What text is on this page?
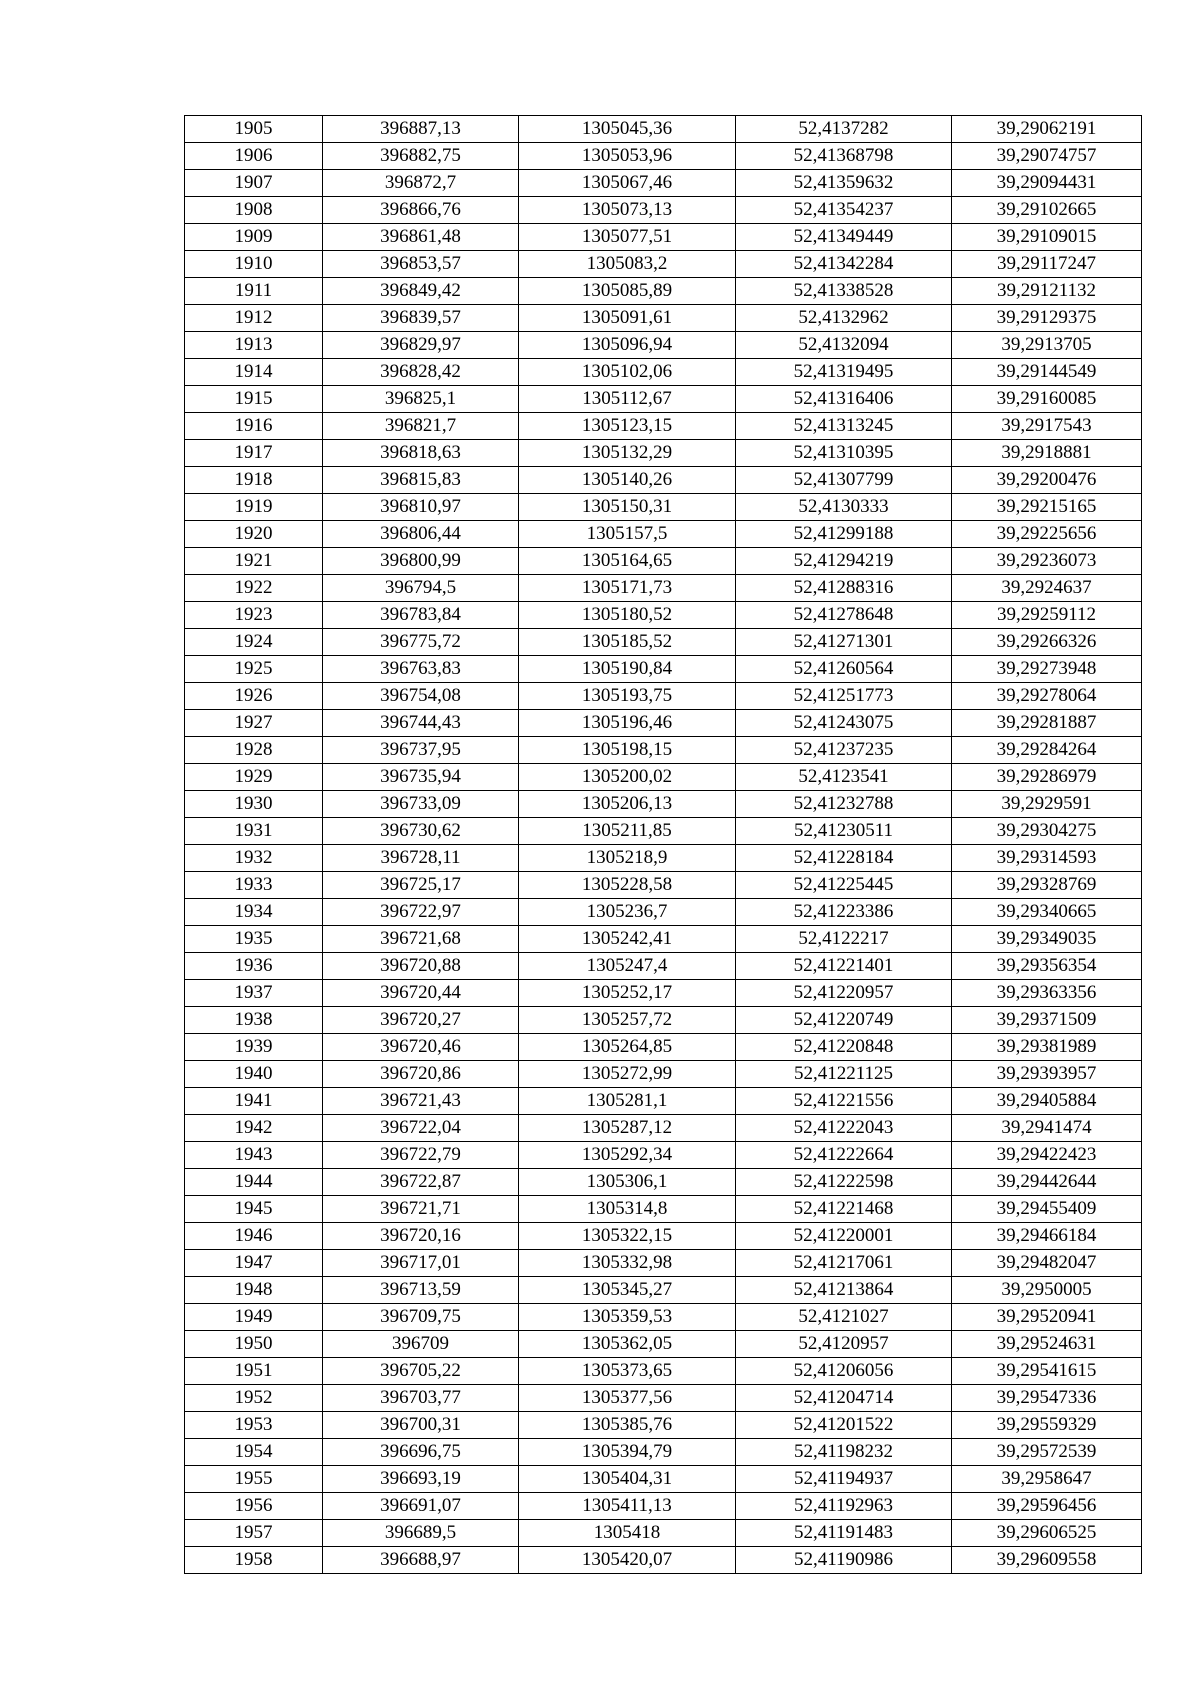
1905	396887,13	1305045,36	52,4137282	39,29062191
1906	396882,75	1305053,96	52,41368798	39,29074757
1907	396872,7	1305067,46	52,41359632	39,29094431
1908	396866,76	1305073,13	52,41354237	39,29102665
1909	396861,48	1305077,51	52,41349449	39,29109015
1910	396853,57	1305083,2	52,41342284	39,29117247
1911	396849,42	1305085,89	52,41338528	39,29121132
1912	396839,57	1305091,61	52,4132962	39,29129375
1913	396829,97	1305096,94	52,4132094	39,2913705
1914	396828,42	1305102,06	52,41319495	39,29144549
1915	396825,1	1305112,67	52,41316406	39,29160085
1916	396821,7	1305123,15	52,41313245	39,2917543
1917	396818,63	1305132,29	52,41310395	39,2918881
1918	396815,83	1305140,26	52,41307799	39,29200476
1919	396810,97	1305150,31	52,4130333	39,29215165
1920	396806,44	1305157,5	52,41299188	39,29225656
1921	396800,99	1305164,65	52,41294219	39,29236073
1922	396794,5	1305171,73	52,41288316	39,2924637
1923	396783,84	1305180,52	52,41278648	39,29259112
1924	396775,72	1305185,52	52,41271301	39,29266326
1925	396763,83	1305190,84	52,41260564	39,29273948
1926	396754,08	1305193,75	52,41251773	39,29278064
1927	396744,43	1305196,46	52,41243075	39,29281887
1928	396737,95	1305198,15	52,41237235	39,29284264
1929	396735,94	1305200,02	52,4123541	39,29286979
1930	396733,09	1305206,13	52,41232788	39,2929591
1931	396730,62	1305211,85	52,41230511	39,29304275
1932	396728,11	1305218,9	52,41228184	39,29314593
1933	396725,17	1305228,58	52,41225445	39,29328769
1934	396722,97	1305236,7	52,41223386	39,29340665
1935	396721,68	1305242,41	52,4122217	39,29349035
1936	396720,88	1305247,4	52,41221401	39,29356354
1937	396720,44	1305252,17	52,41220957	39,29363356
1938	396720,27	1305257,72	52,41220749	39,29371509
1939	396720,46	1305264,85	52,41220848	39,29381989
1940	396720,86	1305272,99	52,41221125	39,29393957
1941	396721,43	1305281,1	52,41221556	39,29405884
1942	396722,04	1305287,12	52,41222043	39,2941474
1943	396722,79	1305292,34	52,41222664	39,29422423
1944	396722,87	1305306,1	52,41222598	39,29442644
1945	396721,71	1305314,8	52,41221468	39,29455409
1946	396720,16	1305322,15	52,41220001	39,29466184
1947	396717,01	1305332,98	52,41217061	39,29482047
1948	396713,59	1305345,27	52,41213864	39,2950005
1949	396709,75	1305359,53	52,4121027	39,29520941
1950	396709	1305362,05	52,4120957	39,29524631
1951	396705,22	1305373,65	52,41206056	39,29541615
1952	396703,77	1305377,56	52,41204714	39,29547336
1953	396700,31	1305385,76	52,41201522	39,29559329
1954	396696,75	1305394,79	52,41198232	39,29572539
1955	396693,19	1305404,31	52,41194937	39,2958647
1956	396691,07	1305411,13	52,41192963	39,29596456
1957	396689,5	1305418	52,41191483	39,29606525
1958	396688,97	1305420,07	52,41190986	39,29609558
